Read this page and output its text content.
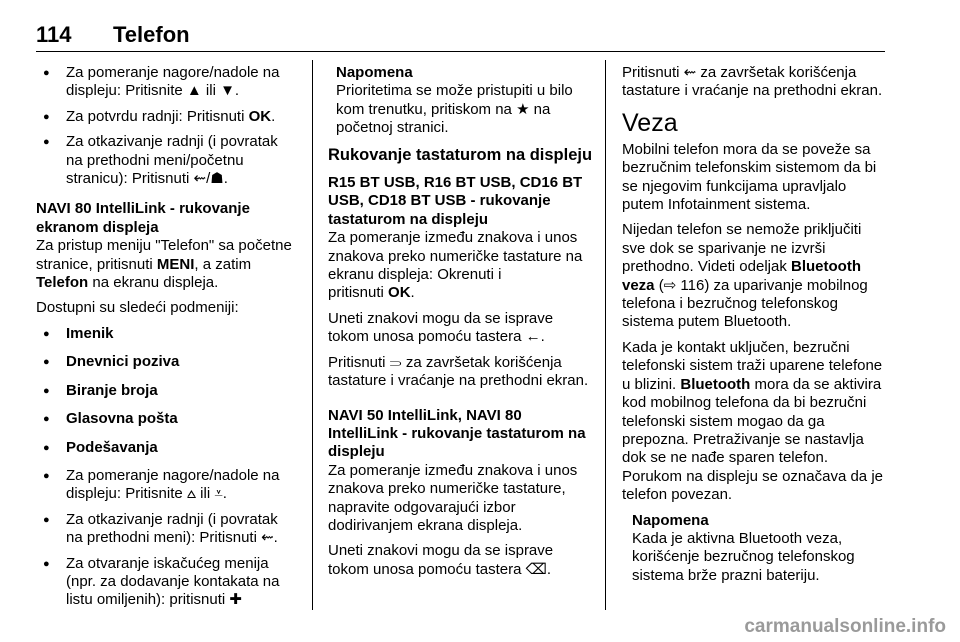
114 Telefon
● Za pomeranje nagore/nadole na displeju: Pritisnite ▲ ili ▼.
● Za potvrdu radnji: Pritisnuti OK.
● Za otkazivanje radnji (i povratak na prethodni meni/početnu stranicu): Pritisnuti ⇜/☗.

NAVI 80 IntelliLink - rukovanje ekranom displeja

Za pristup meniju "Telefon" sa početne stranice, pritisnuti MENI, a zatim Telefon na ekranu displeja.

Dostupni su sledeći podmeniji:

● Imenik
● Dnevnici poziva
● Biranje broja
● Glasovna pošta
● Podešavanja
● Za pomeranje nagore/nadole na displeju: Pritisnite ⩟ ili ⩡.
● Za otkazivanje radnji (i povratak na prethodni meni): Pritisnuti ⇜.
● Za otvaranje iskačućeg menija (npr. za dodavanje kontakata na listu omiljenih): pritisnuti ✚
Napomena

Prioritetima se može pristupiti u bilo kom trenutku, pritiskom na ★ na početnoj stranici.

Rukovanje tastaturom na displeju

R15 BT USB, R16 BT USB, CD16 BT USB, CD18 BT USB - rukovanje tastaturom na displeju

Za pomeranje između znakova i unos znakova preko numeričke tastature na ekranu displeja: Okrenuti i

pritisnuti OK.

Uneti znakovi mogu da se isprave tokom unosa pomoću tastera ←.

Pritisnuti ⥰ za završetak korišćenja tastature i vraćanje na prethodni ekran.

NAVI 50 IntelliLink, NAVI 80 IntelliLink - rukovanje tastaturom na displeju

Za pomeranje između znakova i unos znakova preko numeričke tastature, napravite odgovarajući izbor dodirivanjem ekrana displeja.

Uneti znakovi mogu da se isprave tokom unosa pomoću tastera ⌫.

Pritisnuti ⇜ za završetak korišćenja tastature i vraćanje na prethodni ekran.

Veza

Mobilni telefon mora da se poveže sa bezručnim telefonskim sistemom da bi se njegovim funkcijama upravljalo putem Infotainment sistema.

Nijedan telefon se nemože priključiti sve dok se sparivanje ne izvrši prethodno. Videti odeljak Bluetooth veza (⇨ 116) za uparivanje mobilnog telefona i bezručnog telefonskog sistema putem Bluetooth.

Kada je kontakt uključen, bezručni telefonski sistem traži uparene telefone u blizini. Bluetooth mora da se aktivira kod mobilnog telefona da bi bezručni telefonski sistem mogao da ga prepozna. Pretraživanje se nastavlja dok se ne nađe sparen telefon. Porukom na displeju se označava da je telefon povezan.

Napomena

Kada je aktivna Bluetooth veza, korišćenje bezručnog telefonskog sistema brže prazni bateriju.

carmanualsonline.info
